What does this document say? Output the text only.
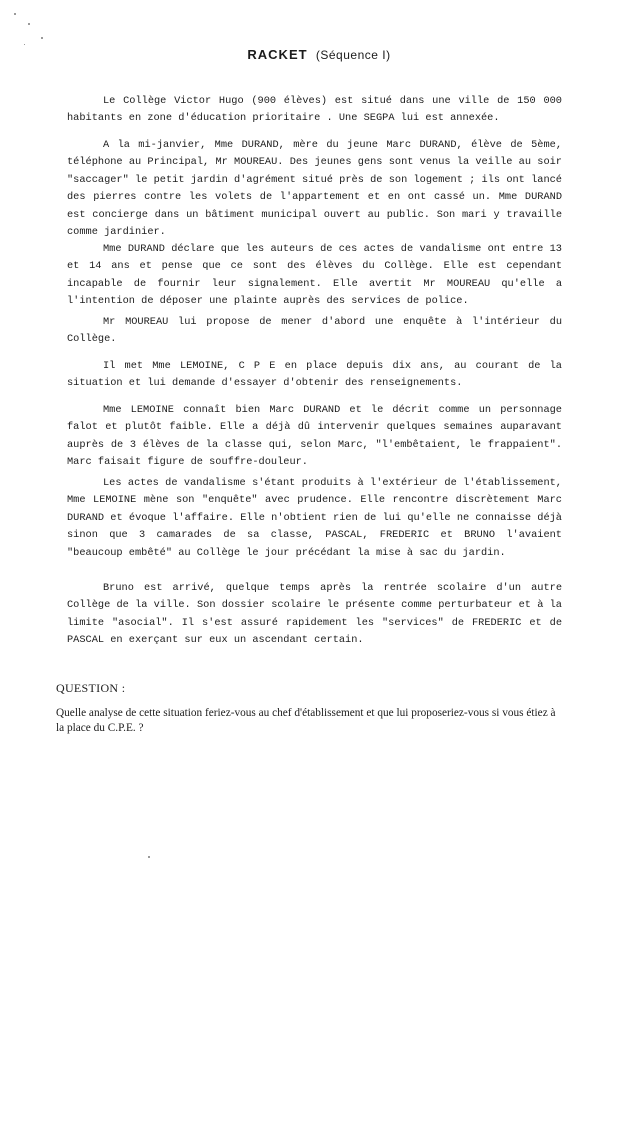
RACKET (Séquence I)

Le Collège Victor Hugo (900 élèves) est situé dans une ville de 150 000 habitants en zone d'éducation prioritaire . Une SEGPA lui est annexée.

A la mi-janvier, Mme DURAND, mère du jeune Marc DURAND, élève de 5ème, téléphone au Principal, Mr MOUREAU. Des jeunes gens sont venus la veille au soir "saccager" le petit jardin d'agrément situé près de son logement ; ils ont lancé des pierres contre les volets de l'appartement et en ont cassé un. Mme DURAND est concierge dans un bâtiment municipal ouvert au public. Son mari y travaille comme jardinier.

Mme DURAND déclare que les auteurs de ces actes de vandalisme ont entre 13 et 14 ans et pense que ce sont des élèves du Collège. Elle est cependant incapable de fournir leur signalement. Elle avertit Mr MOUREAU qu'elle a l'intention de déposer une plainte auprès des services de police.

Mr MOUREAU lui propose de mener d'abord une enquête à l'intérieur du Collège.

Il met Mme LEMOINE, C P E en place depuis dix ans, au courant de la situation et lui demande d'essayer d'obtenir des renseignements.

Mme LEMOINE connaît bien Marc DURAND et le décrit comme un personnage falot et plutôt faible. Elle a déjà dû intervenir quelques semaines auparavant auprès de 3 élèves de la classe qui, selon Marc, "l'embêtaient, le frappaient". Marc faisait figure de souffre-douleur.

Les actes de vandalisme s'étant produits à l'extérieur de l'établissement, Mme LEMOINE mène son "enquête" avec prudence. Elle rencontre discrètement Marc DURAND et évoque l'affaire. Elle n'obtient rien de lui qu'elle ne connaisse déjà sinon que 3 camarades de sa classe, PASCAL, FREDERIC et BRUNO l'avaient "beaucoup embêté" au Collège le jour précédant la mise à sac du jardin.

Bruno est arrivé, quelque temps après la rentrée scolaire d'un autre Collège de la ville. Son dossier scolaire le présente comme perturbateur et à la limite "asocial". Il s'est assuré rapidement les "services" de FREDERIC et de PASCAL en exerçant sur eux un ascendant certain.

QUESTION :

Quelle analyse de cette situation feriez-vous au chef d'établissement et que lui proposeriez-vous si vous étiez à la place du C.P.E. ?
